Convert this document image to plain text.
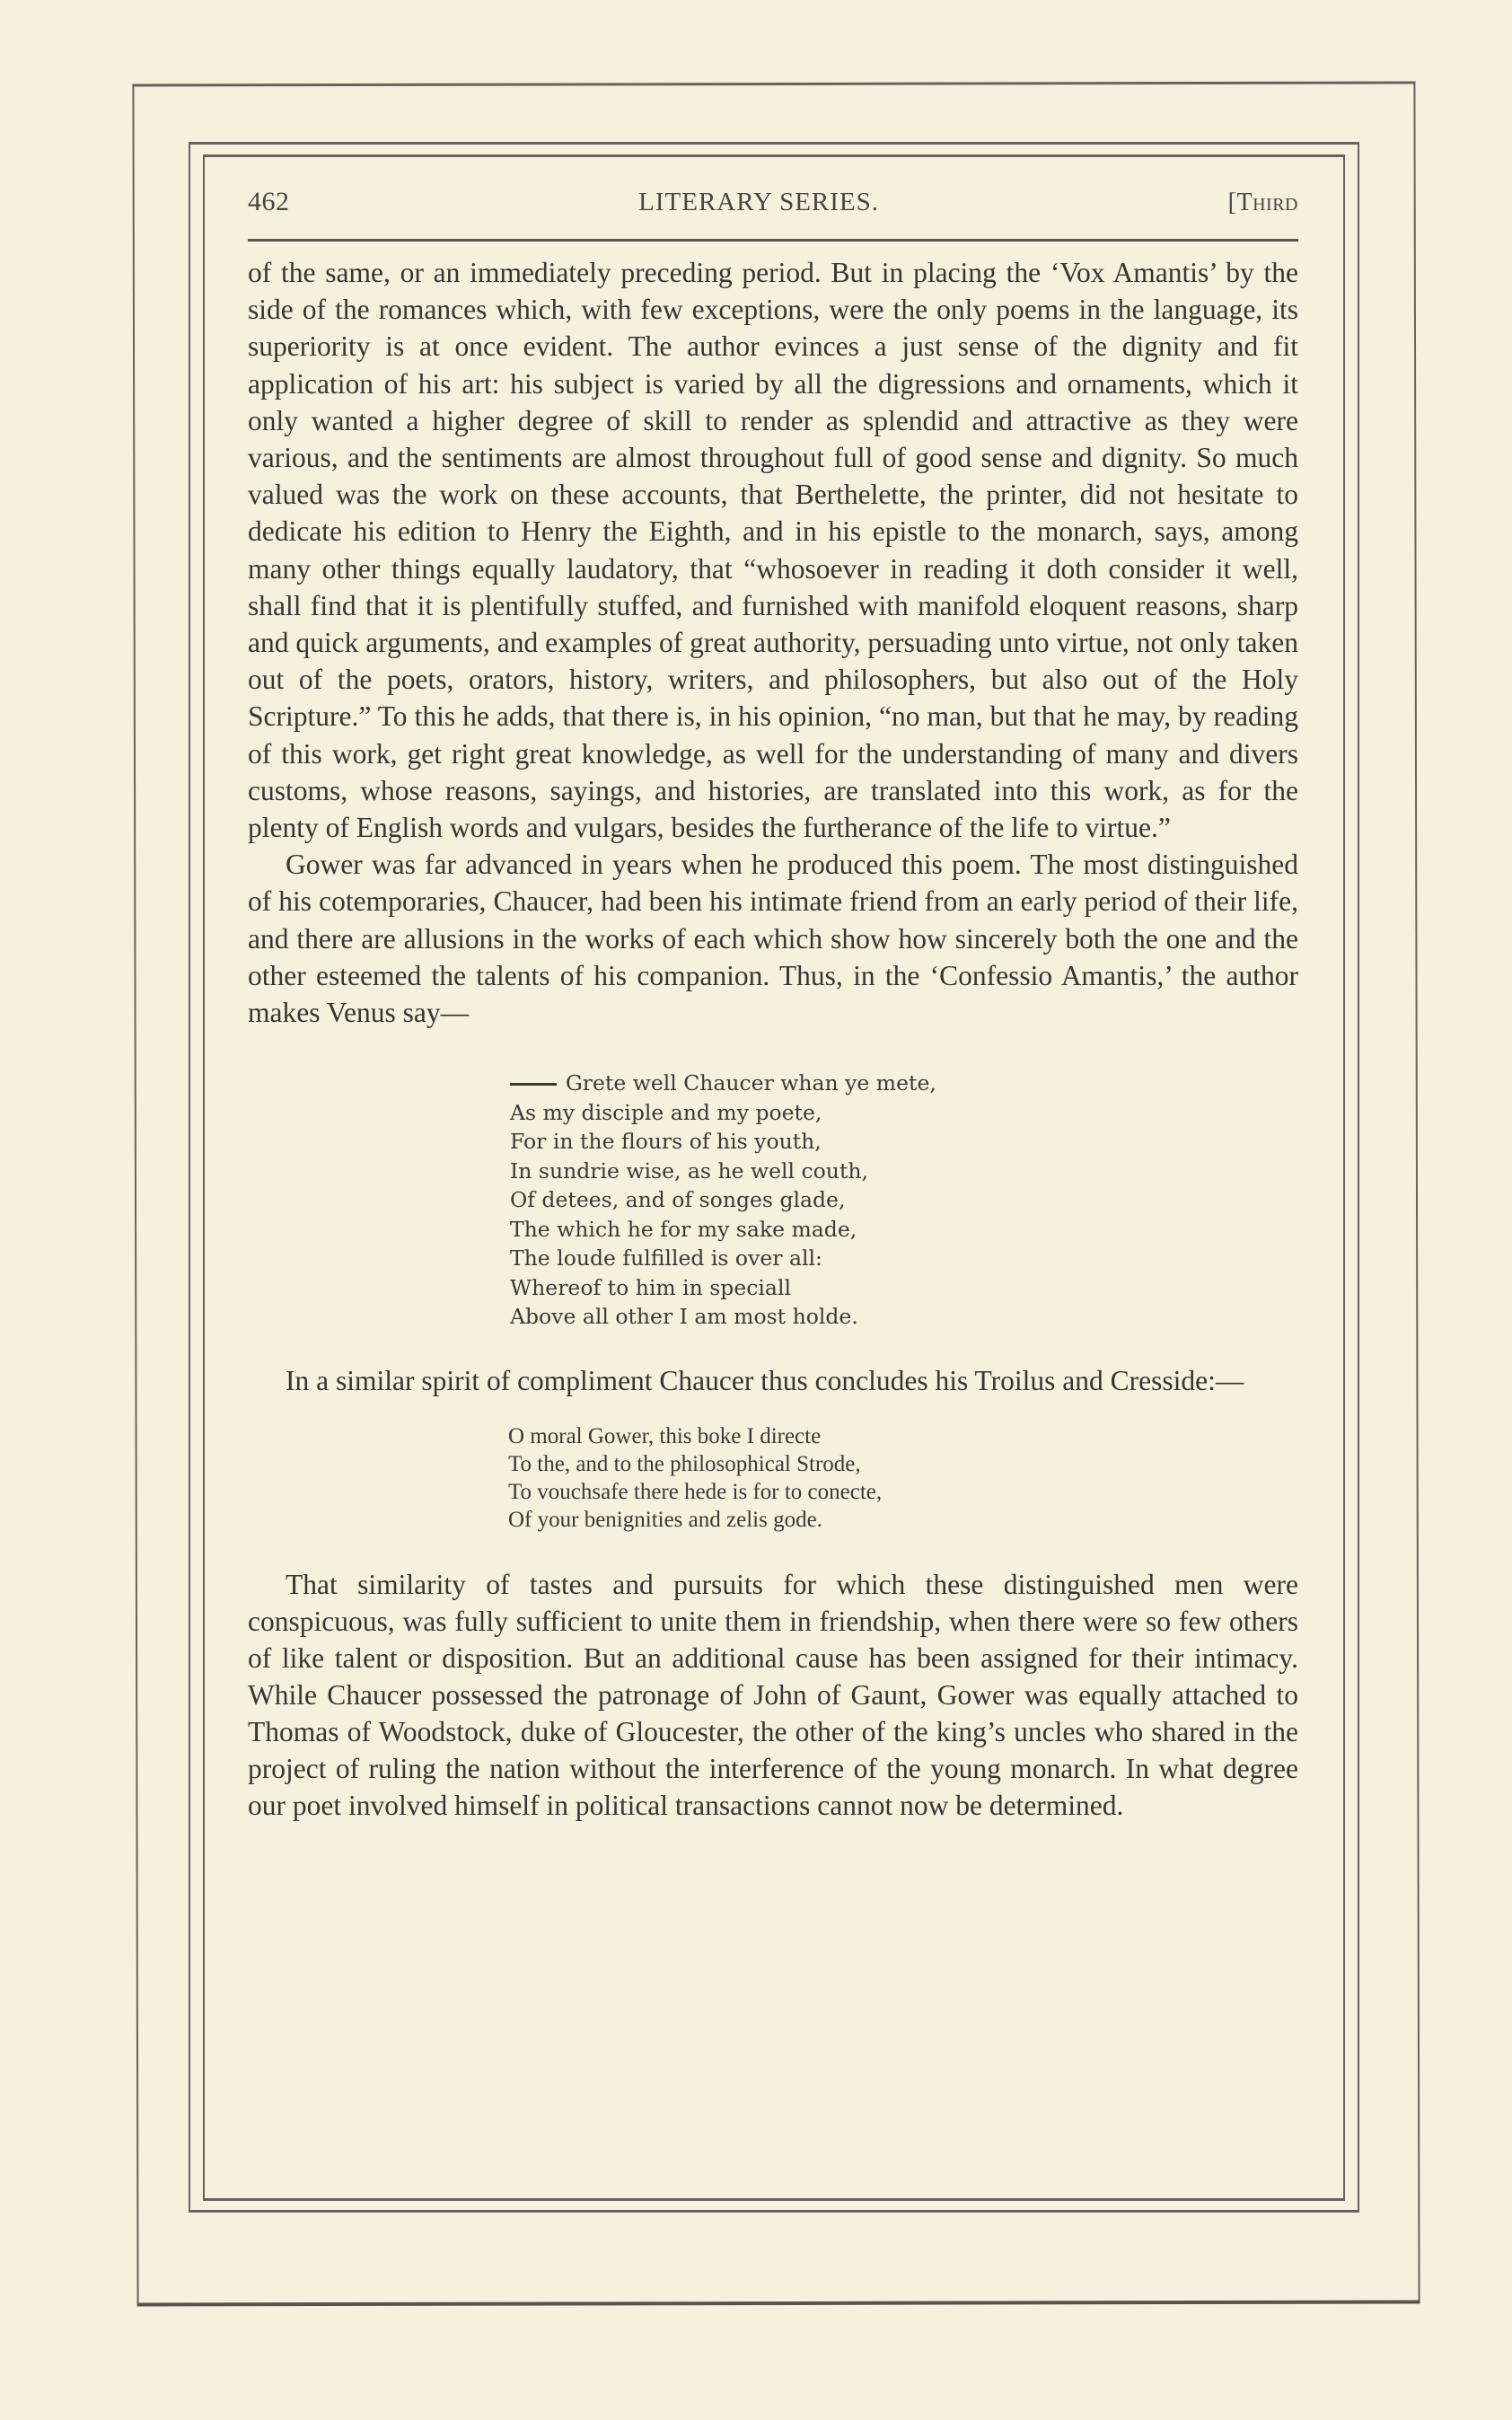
462	LITERARY SERIES.	[Third

of the same, or an immediately preceding period. But in placing the ‘Vox Amantis’ by the side of the romances which, with few exceptions, were the only poems in the language, its superiority is at once evident. The author evinces a just sense of the dignity and fit application of his art: his subject is varied by all the digressions and ornaments, which it only wanted a higher degree of skill to render as splendid and attractive as they were various, and the sentiments are almost throughout full of good sense and dignity. So much valued was the work on these accounts, that Berthelette, the printer, did not hesitate to dedicate his edition to Henry the Eighth, and in his epistle to the monarch, says, among many other things equally laudatory, that “whosoever in reading it doth consider it well, shall find that it is plentifully stuffed, and furnished with manifold eloquent reasons, sharp and quick arguments, and examples of great authority, persuading unto virtue, not only taken out of the poets, orators, history, writers, and philosophers, but also out of the Holy Scripture.” To this he adds, that there is, in his opinion, “no man, but that he may, by reading of this work, get right great knowledge, as well for the understanding of many and divers customs, whose reasons, sayings, and histories, are translated into this work, as for the plenty of English words and vulgars, besides the furtherance of the life to virtue.”

Gower was far advanced in years when he produced this poem. The most distinguished of his cotemporaries, Chaucer, had been his intimate friend from an early period of their life, and there are allusions in the works of each which show how sincerely both the one and the other esteemed the talents of his companion. Thus, in the ‘Confessio Amantis,’ the author makes Venus say—

Grete well Chaucer whan ye mete,
As my disciple and my poete,
For in the flours of his youth,
In sundrie wise, as he well couth,
Of detees, and of songes glade,
The which he for my sake made,
The loude fulfilled is over all:
Whereof to him in speciall
Above all other I am most holde.

In a similar spirit of compliment Chaucer thus concludes his Troilus and Cresside:—

O moral Gower, this boke I directe
To the, and to the philosophical Strode,
To vouchsafe there hede is for to conecte,
Of your benignities and zelis gode.

That similarity of tastes and pursuits for which these distinguished men were conspicuous, was fully sufficient to unite them in friendship, when there were so few others of like talent or disposition. But an additional cause has been assigned for their intimacy. While Chaucer possessed the patronage of John of Gaunt, Gower was equally attached to Thomas of Woodstock, duke of Gloucester, the other of the king’s uncles who shared in the project of ruling the nation without the interference of the young monarch. In what degree our poet involved himself in political transactions cannot now be determined.
